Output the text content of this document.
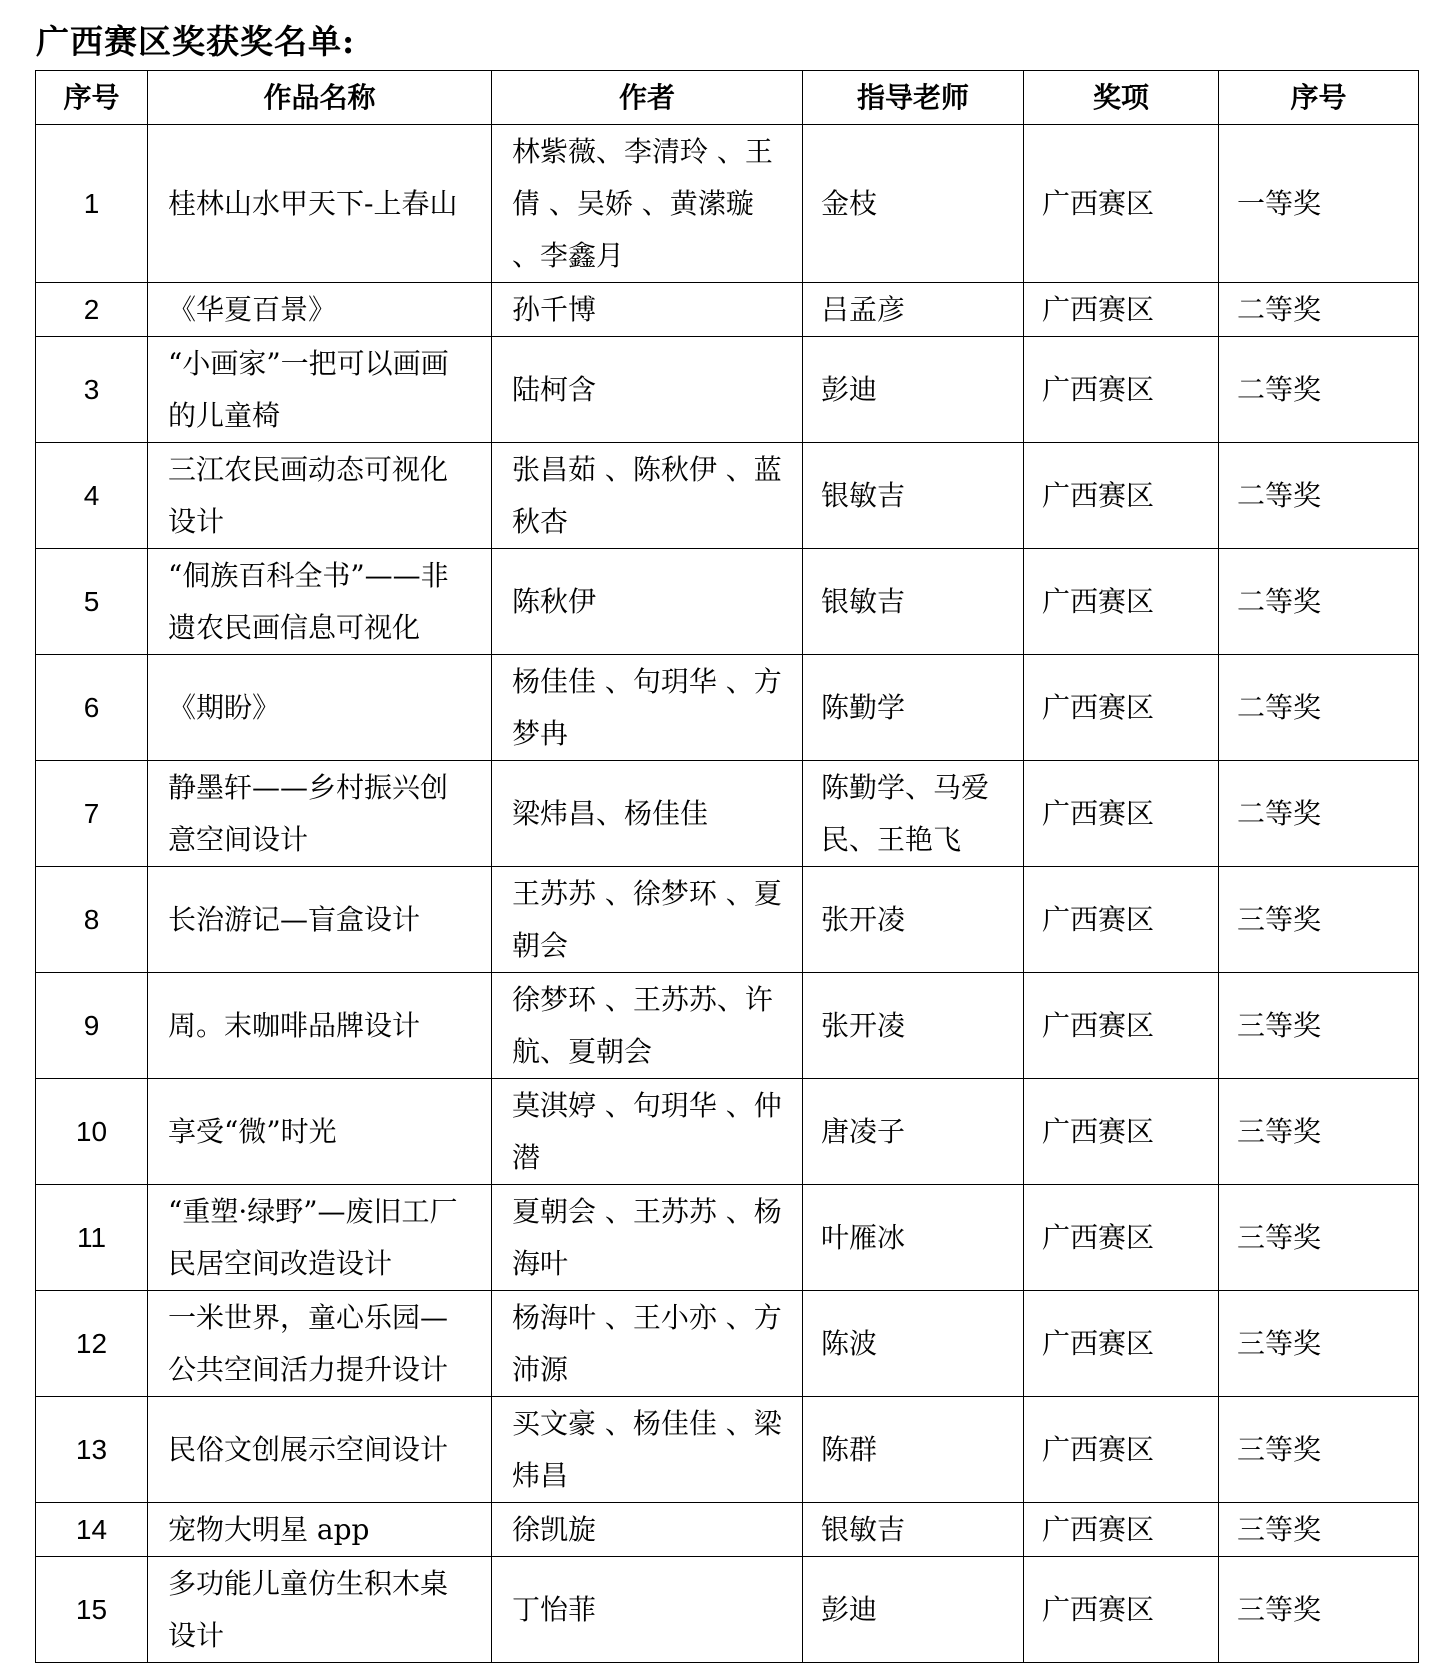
广西赛区奖获奖名单:
序号	作品名称	作者	指导老师	奖项	序号
1	桂林山水甲天下-上春山	林紫薇、李清玲 、王倩 、吴娇 、黄潆璇 、李鑫月	金枝	广西赛区	一等奖
2	《华夏百景》	孙千博	吕孟彦	广西赛区	二等奖
3	“小画家”一把可以画画的儿童椅	陆柯含	彭迪	广西赛区	二等奖
4	三江农民画动态可视化设计	张昌茹 、陈秋伊 、蓝秋杏	银敏吉	广西赛区	二等奖
5	“侗族百科全书”——非遗农民画信息可视化	陈秋伊	银敏吉	广西赛区	二等奖
6	《期盼》	杨佳佳 、句玥华 、方梦冉	陈勤学	广西赛区	二等奖
7	静墨轩——乡村振兴创意空间设计	梁炜昌、杨佳佳	陈勤学、马爱民、王艳飞	广西赛区	二等奖
8	长治游记—盲盒设计	王苏苏 、徐梦环 、夏朝会	张开凌	广西赛区	三等奖
9	周。末咖啡品牌设计	徐梦环 、王苏苏、许航、夏朝会	张开凌	广西赛区	三等奖
10	享受“微”时光	莫淇婷 、句玥华 、仲潜	唐凌子	广西赛区	三等奖
11	“重塑·绿野”—废旧工厂民居空间改造设计	夏朝会 、王苏苏 、杨海叶	叶雁冰	广西赛区	三等奖
12	一米世界，童心乐园—公共空间活力提升设计	杨海叶 、王小亦 、方沛源	陈波	广西赛区	三等奖
13	民俗文创展示空间设计	买文豪 、杨佳佳 、梁炜昌	陈群	广西赛区	三等奖
14	宠物大明星 app	徐凯旋	银敏吉	广西赛区	三等奖
15	多功能儿童仿生积木桌设计	丁怡菲	彭迪	广西赛区	三等奖
